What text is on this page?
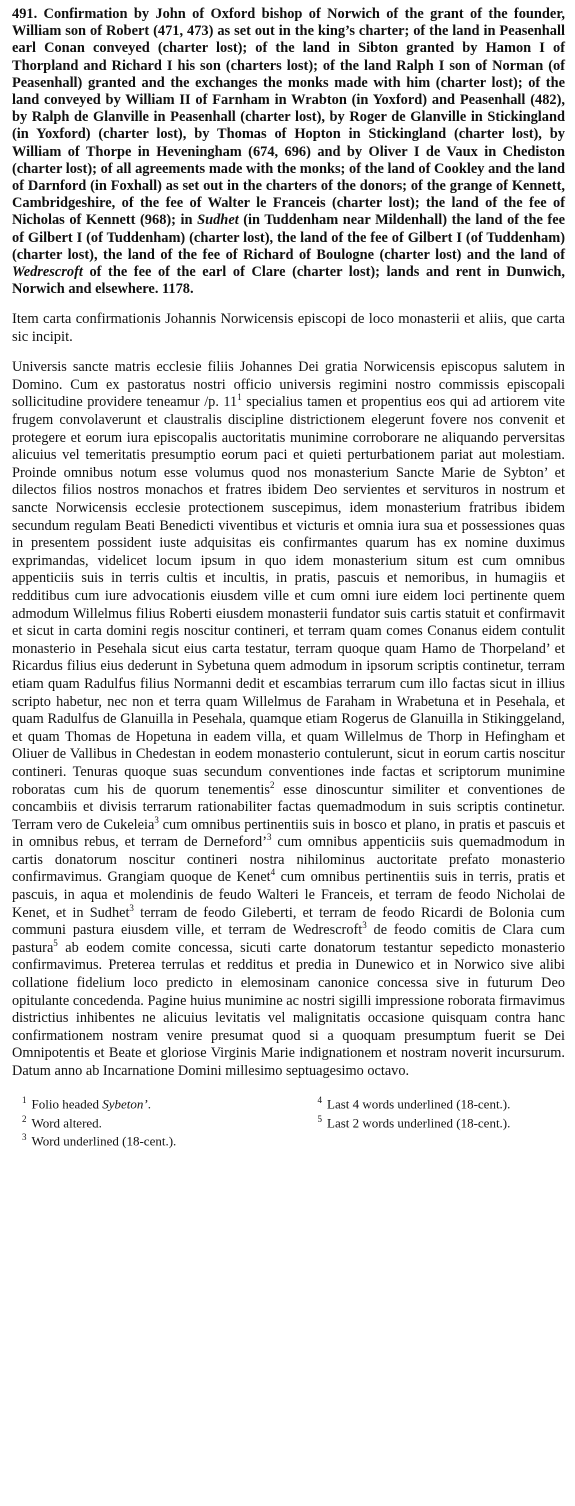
491. Confirmation by John of Oxford bishop of Norwich of the grant of the founder, William son of Robert (471, 473) as set out in the king’s charter; of the land in Peasenhall earl Conan conveyed (charter lost); of the land in Sibton granted by Hamon I of Thorpland and Richard I his son (charters lost); of the land Ralph I son of Norman (of Peasenhall) granted and the exchanges the monks made with him (charter lost); of the land conveyed by William II of Farnham in Wrabton (in Yoxford) and Peasenhall (482), by Ralph de Glanville in Peasenhall (charter lost), by Roger de Glanville in Stickingland (in Yoxford) (charter lost), by Thomas of Hopton in Stickingland (charter lost), by William of Thorpe in Heveningham (674, 696) and by Oliver I de Vaux in Chediston (charter lost); of all agreements made with the monks; of the land of Cookley and the land of Darnford (in Foxhall) as set out in the charters of the donors; of the grange of Kennett, Cambridgeshire, of the fee of Walter le Franceis (charter lost); the land of the fee of Nicholas of Kennett (968); in Sudhet (in Tuddenham near Mildenhall) the land of the fee of Gilbert I (of Tuddenham) (charter lost), the land of the fee of Gilbert I (of Tuddenham) (charter lost), the land of the fee of Richard of Boulogne (charter lost) and the land of Wedrescroft of the fee of the earl of Clare (charter lost); lands and rent in Dunwich, Norwich and elsewhere. 1178.

Item carta confirmationis Johannis Norwicensis episcopi de loco monasterii et aliis, que carta sic incipit.

Universis sancte matris ecclesie filiis Johannes Dei gratia Norwicensis episcopus salutem in Domino. Cum ex pastoratus nostri officio universis regimini nostro commissis episcopali sollicitudine providere teneamur /p. $11^1$ specialius tamen et propentius eos qui ad artiorem vite frugem convolaverunt et claustralis discipline districtionem elegerunt fovere nos convenit et protegere et eorum iura episcopalis auctoritatis munimine corroborare ne aliquando perversitas alicuius vel temeritatis presumptio eorum paci et quieti perturbationem pariat aut molestiam. Proinde omnibus notum esse volumus quod nos monasterium Sancte Marie de Sybton’ et dilectos filios nostros monachos et fratres ibidem Deo servientes et servituros in nostrum et sancte Norwicensis ecclesie protectionem suscepimus, idem monasterium fratribus ibidem secundum regulam Beati Benedicti viventibus et victuris et omnia iura sua et possessiones quas in presentem possident iuste adquisitas eis confirmantes quarum has ex nomine duximus exprimandas, videlicet locum ipsum in quo idem monasterium situm est cum omnibus appenticiis suis in terris cultis et incultis, in pratis, pascuis et nemoribus, in humagiis et redditibus cum iure advocationis eiusdem ville et cum omni iure eidem loci pertinente quem admodum Willelmus filius Roberti eiusdem monasterii fundator suis cartis statuit et confirmavit et sicut in carta domini regis noscitur contineri, et terram quam comes Conanus eidem contulit monasterio in Pesehala sicut eius carta testatur, terram quoque quam Hamo de Thorpeland’ et Ricardus filius eius dederunt in Sybetuna quem admodum in ipsorum scriptis continetur, terram etiam quam Radulfus filius Normanni dedit et escambias terrarum cum illo factas sicut in illius scripto habetur, nec non et terra quam Willelmus de Faraham in Wrabetuna et in Pesehala, et quam Radulfus de Glanuilla in Pesehala, quamque etiam Rogerus de Glanuilla in Stikinggeland, et quam Thomas de Hopetuna in eadem villa, et quam Willelmus de Thorp in Hefingham et Oliuer de Vallibus in Chedestan in eodem monasterio contulerunt, sicut in eorum cartis noscitur contineri. Tenuras quoque suas secundum conventiones inde factas et scriptorum munimine roboratas cum his de quorum tenementis$^2$ esse dinoscuntur similiter et conventiones de concambiis et divisis terrarum rationabiliter factas quemadmodum in suis scriptis continetur. Terram vero de Cukeleia$^3$ cum omnibus pertinentiis suis in bosco et plano, in pratis et pascuis et in omnibus rebus, et terram de Derneford’$^3$ cum omnibus appenticiis suis quemadmodum in cartis donatorum noscitur contineri nostra nihilominus auctoritate prefato monasterio confirmavimus. Grangiam quoque de Kenet$^4$ cum omnibus pertinentiis suis in terris, pratis et pascuis, in aqua et molendinis de feudo Walteri le Franceis, et terram de feodo Nicholai de Kenet, et in Sudhet$^3$ terram de feodo Gileberti, et terram de feodo Ricardi de Bolonia cum communi pastura eiusdem ville, et terram de Wedrescroft$^3$ de feodo comitis de Clara cum pastura$^5$ ab eodem comite concessa, sicuti carte donatorum testantur sepedicto monasterio confirmavimus. Preterea terrulas et redditus et predia in Dunewico et in Norwico sive alibi collatione fidelium loco predicto in elemosinam canonice concessa sive in futurum Deo opitulante concedenda. Pagine huius munimine ac nostri sigilli impressione roborata firmavimus districtius inhibentes ne alicuius levitatis vel malignitatis occasione quisquam contra hanc confirmationem nostram venire presumat quod si a quoquam presumptum fuerit se Dei Omnipotentis et Beate et gloriose Virginis Marie indignationem et nostram noverit incursurum. Datum anno ab Incarnatione Domini millesimo septuagesimo octavo.

$^1$ Folio headed Sybeton’.
$^2$ Word altered.
$^3$ Word underlined (18-cent.).
$^4$ Last 4 words underlined (18-cent.).
$^5$ Last 2 words underlined (18-cent.).
